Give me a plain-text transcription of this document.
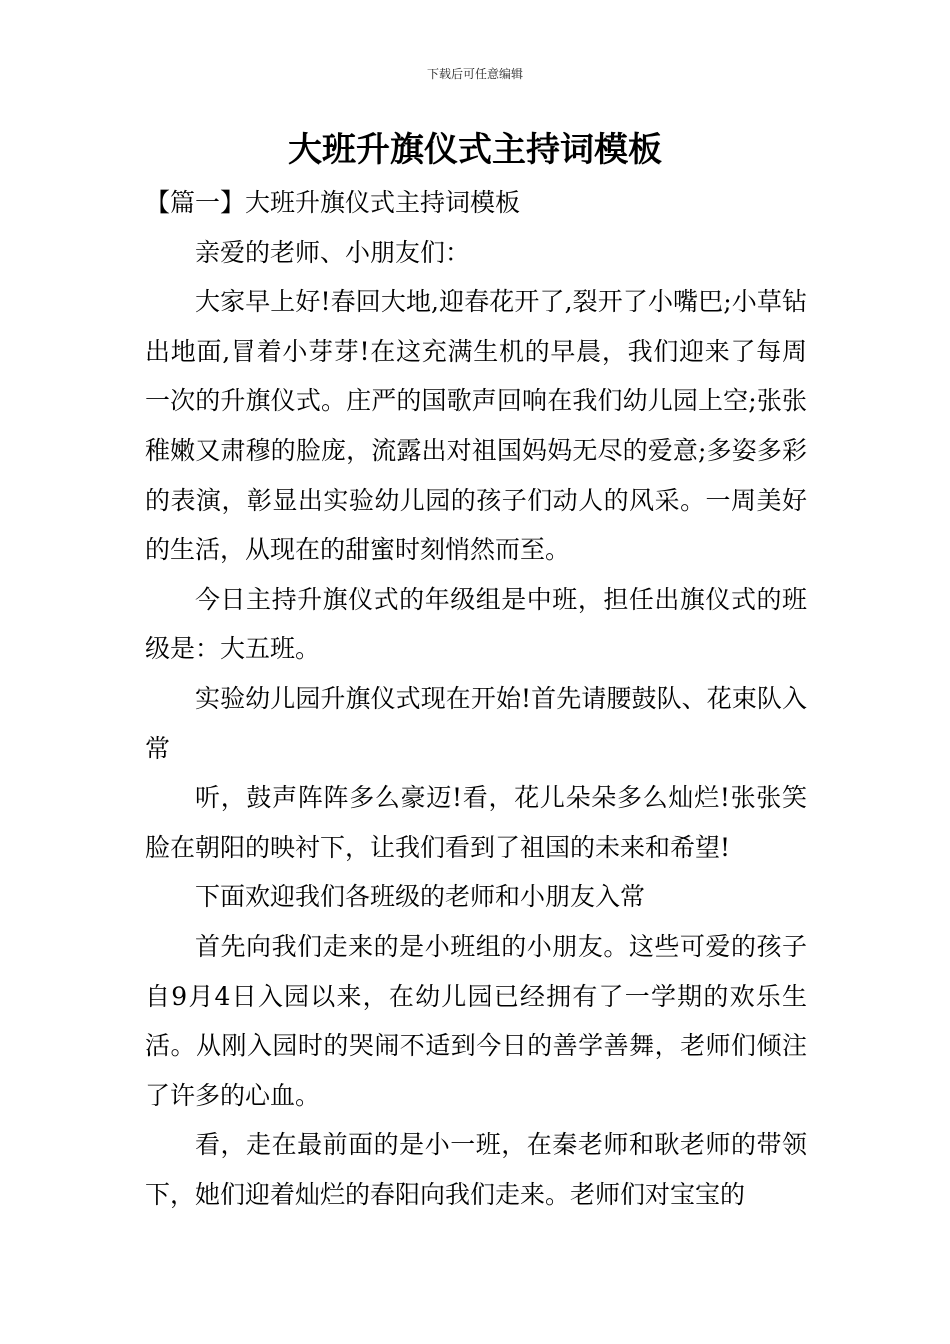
下载后可任意编辑
大班升旗仪式主持词模板

【篇一】大班升旗仪式主持词模板

亲爱的老师、小朋友们：

大家早上好!春回大地,迎春花开了,裂开了小嘴巴;小草钻出地面,冒着小芽芽!在这充满生机的早晨，我们迎来了每周一次的升旗仪式。庄严的国歌声回响在我们幼儿园上空;张张稚嫩又肃穆的脸庞，流露出对祖国妈妈无尽的爱意;多姿多彩的表演，彰显出实验幼儿园的孩子们动人的风采。一周美好的生活，从现在的甜蜜时刻悄然而至。

今日主持升旗仪式的年级组是中班，担任出旗仪式的班级是：大五班。

实验幼儿园升旗仪式现在开始!首先请腰鼓队、花束队入常

听，鼓声阵阵多么豪迈!看，花儿朵朵多么灿烂!张张笑脸在朝阳的映衬下，让我们看到了祖国的未来和希望!

下面欢迎我们各班级的老师和小朋友入常

首先向我们走来的是小班组的小朋友。这些可爱的孩子自9月4日入园以来，在幼儿园已经拥有了一学期的欢乐生活。从刚入园时的哭闹不适到今日的善学善舞，老师们倾注了许多的心血。

看，走在最前面的是小一班，在秦老师和耿老师的带领下，她们迎着灿烂的春阳向我们走来。老师们对宝宝的
